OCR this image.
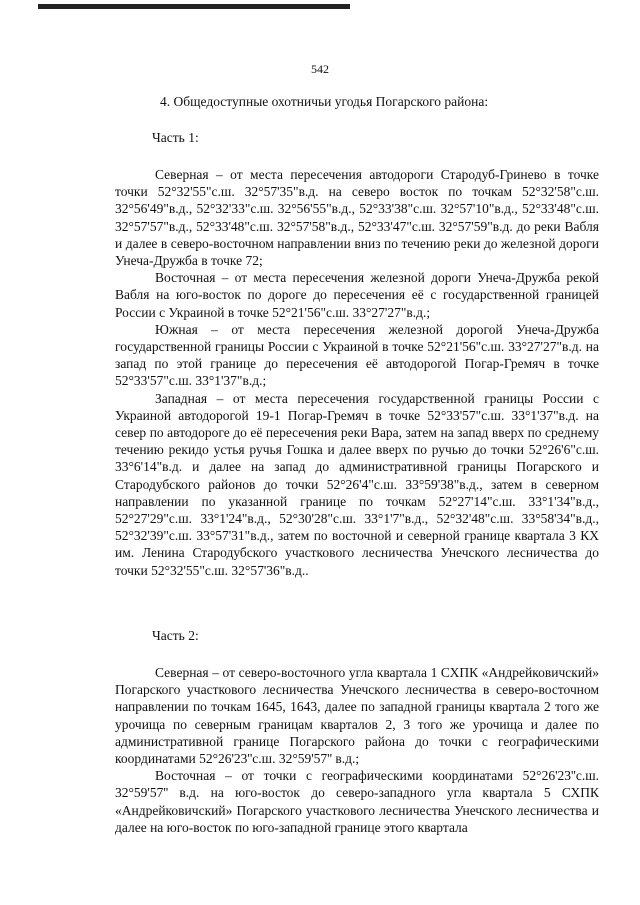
542
4. Общедоступные охотничьи угодья Погарского района:
Часть 1:

Северная – от места пересечения автодороги Стародуб-Гринево в точке точки 52°32'55"с.ш. 32°57'35"в.д. на северо восток по точкам 52°32'58"с.ш. 32°56'49"в.д., 52°32'33"с.ш. 32°56'55"в.д., 52°33'38"с.ш. 32°57'10"в.д., 52°33'48"с.ш. 32°57'57"в.д., 52°33'48"с.ш. 32°57'58"в.д., 52°33'47"с.ш. 32°57'59"в.д. до реки Вабля и далее в северо-восточном направлении вниз по течению реки до железной дороги Унеча-Дружба в точке 72;

Восточная – от места пересечения железной дороги Унеча-Дружба рекой Вабля на юго-восток по дороге до пересечения её с государственной границей России с Украиной в точке 52°21'56"с.ш. 33°27'27"в.д.;

Южная – от места пересечения железной дорогой Унеча-Дружба государственной границы России с Украиной в точке 52°21'56"с.ш. 33°27'27"в.д. на запад по этой границе до пересечения её автодорогой Погар-Гремяч в точке 52°33'57"с.ш. 33°1'37"в.д.;

Западная – от места пересечения государственной границы России с Украиной автодорогой 19-1 Погар-Гремяч в точке 52°33'57"с.ш. 33°1'37"в.д. на север по автодороге до её пересечения реки Вара, затем на запад вверх по среднему течению рекидо устья ручья Гошка и далее вверх по ручью до точки 52°26'6"с.ш. 33°6'14"в.д. и далее на запад до административной границы Погарского и Стародубского районов до точки 52°26'4"с.ш. 33°59'38"в.д., затем в северном направлении по указанной границе по точкам 52°27'14"с.ш. 33°1'34"в.д., 52°27'29"с.ш. 33°1'24"в.д., 52°30'28"с.ш. 33°1'7"в.д., 52°32'48"с.ш. 33°58'34"в.д., 52°32'39"с.ш. 33°57'31"в.д., затем по восточной и северной границе квартала 3 КХ им. Ленина Стародубского участкового лесничества Унечского лесничества до точки 52°32'55"с.ш. 32°57'36"в.д..

Часть 2:

Северная – от северо-восточного угла квартала 1 СХПК «Андрейковичский» Погарского участкового лесничества Унечского лесничества в северо-восточном направлении по точкам 1645, 1643, далее по западной границы квартала 2 того же урочища по северным границам кварталов 2, 3 того же урочища и далее по административной границе Погарского района до точки с географическими координатами 52°26'23''с.ш. 32°59'57'' в.д.;

Восточная – от точки с географическими координатами 52°26'23''с.ш. 32°59'57'' в.д. на юго-восток до северо-западного угла квартала 5 СХПК «Андрейковичский» Погарского участкового лесничества Унечского лесничества и далее на юго-восток по юго-западной границе этого квартала
